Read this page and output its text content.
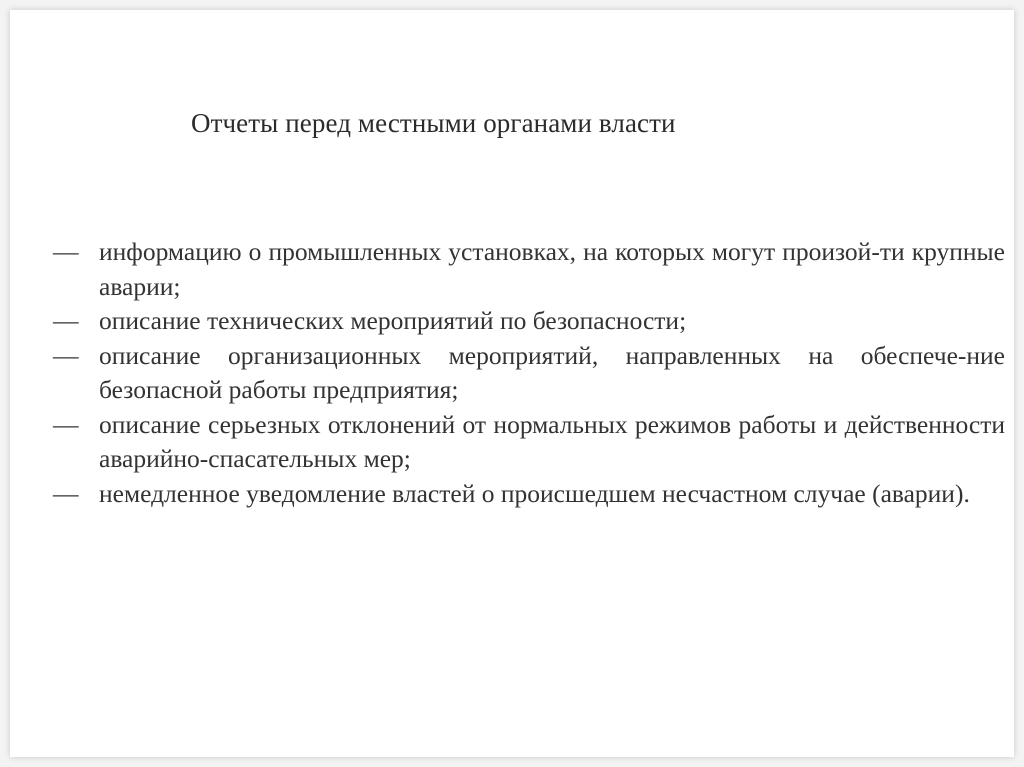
Отчеты перед местными органами власти
— информацию о промышленных установках, на которых могут произой-ти крупные аварии;
— описание технических мероприятий по безопасности;
— описание организационных мероприятий, направленных на обеспече-ние безопасной работы предприятия;
— описание серьезных отклонений от нормальных режимов работы и действенности аварийно-спасательных мер;
— немедленное уведомление властей о происшедшем несчастном случае (аварии).
